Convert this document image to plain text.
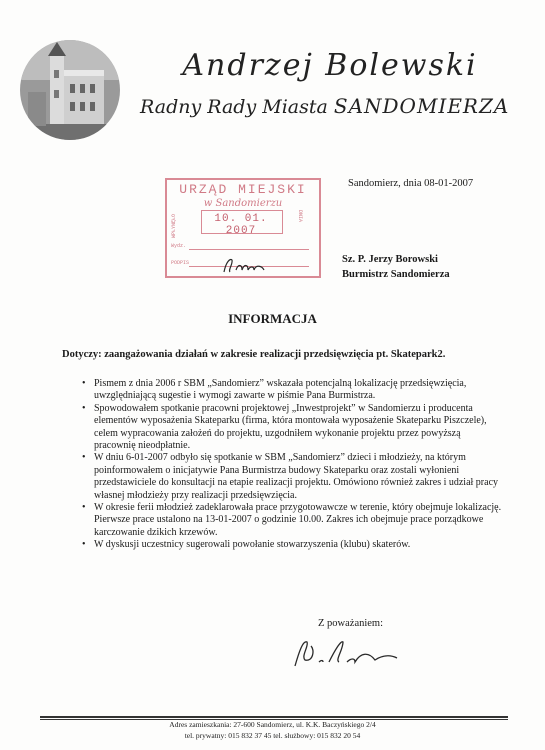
Andrzej Bolewski
Radny Rady Miasta SANDOMIERZA
URZĄD MIEJSKI
w Sandomierzu
10. 01. 2007
WPŁYNĘŁO	DNIA
Wydz.
PODPIS
Sandomierz, dnia 08-01-2007
Sz. P. Jerzy Borowski
Burmistrz Sandomierza
INFORMACJA
Dotyczy: zaangażowania działań w zakresie realizacji przedsięwzięcia pt. Skatepark2.
• Pismem z dnia 2006 r SBM „Sandomierz” wskazała potencjalną lokalizację przedsięwzięcia, uwzględniającą sugestie i wymogi zawarte w piśmie Pana Burmistrza.
• Spowodowałem spotkanie pracowni projektowej „Inwestprojekt” w Sandomierzu i producenta elementów wyposażenia Skateparku (firma, która montowała wyposażenie Skateparku Piszczele), celem wypracowania założeń do projektu, uzgodniłem wykonanie projektu przez powyższą pracownię nieodpłatnie.
• W dniu 6-01-2007 odbyło się spotkanie w SBM „Sandomierz” dzieci i młodzieży, na którym poinformowałem o inicjatywie Pana Burmistrza budowy Skateparku oraz zostali wyłonieni przedstawiciele do konsultacji na etapie realizacji projektu. Omówiono również zakres i udział pracy własnej młodzieży przy realizacji przedsięwzięcia.
• W okresie ferii młodzież zadeklarowała prace przygotowawcze w terenie, który obejmuje lokalizację. Pierwsze prace ustalono na 13-01-2007 o godzinie 10.00. Zakres ich obejmuje prace porządkowe karczowanie dzikich krzewów.
• W dyskusji uczestnicy sugerowali powołanie stowarzyszenia (klubu) skaterów.
Z poważaniem:
Adres zamieszkania: 27-600 Sandomierz, ul. K.K. Baczyńskiego 2/4
tel. prywatny: 015 832 37 45 tel. służbowy: 015 832 20 54
